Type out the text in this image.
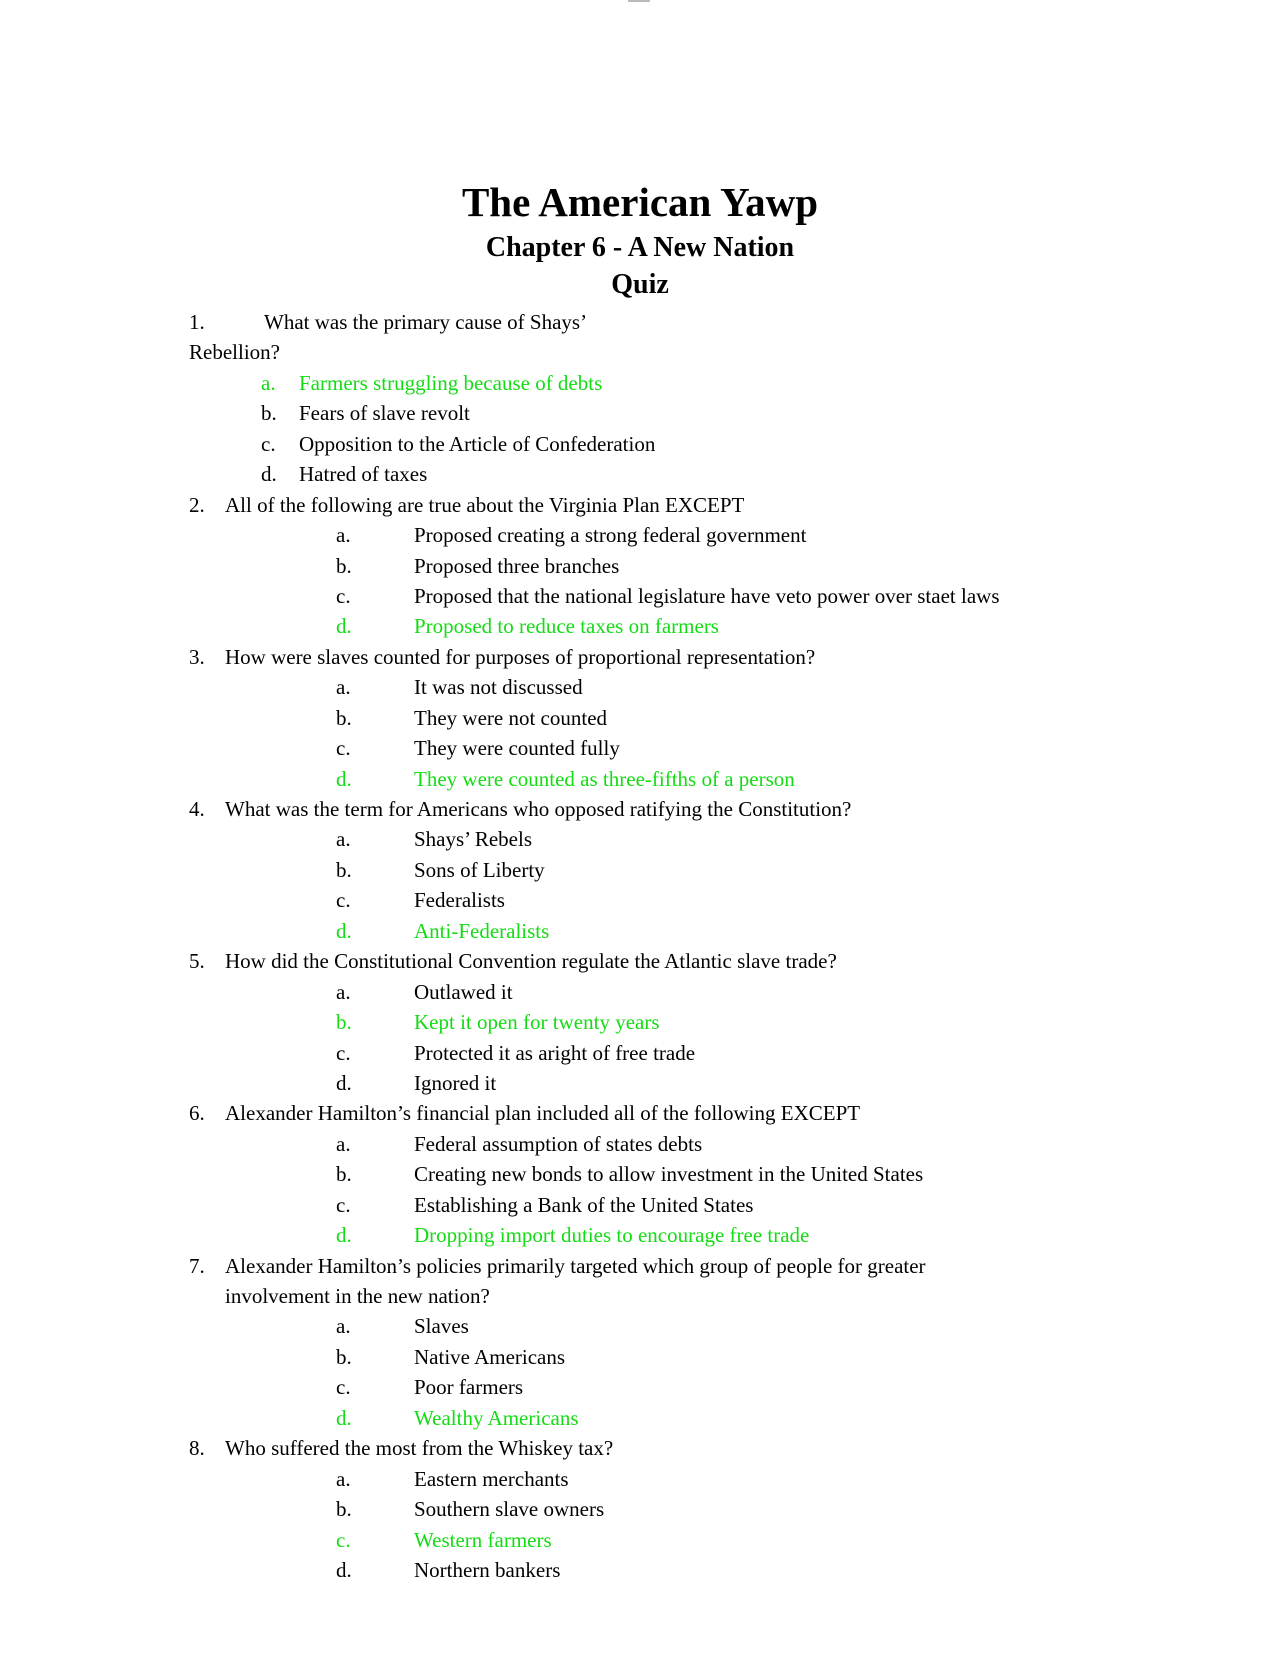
The American Yawp
Chapter 6 - A New Nation
Quiz
1.	What was the primary cause of Shays’
Rebellion?
a. Farmers struggling because of debts
b. Fears of slave revolt
c. Opposition to the Article of Confederation
d. Hatred of taxes
2. All of the following are true about the Virginia Plan EXCEPT
a.	Proposed creating a strong federal government
b.	Proposed three branches
c.	Proposed that the national legislature have veto power over staet laws
d.	Proposed to reduce taxes on farmers
3. How were slaves counted for purposes of proportional representation?
a.	It was not discussed
b.	They were not counted
c.	They were counted fully
d.	They were counted as three-fifths of a person
4. What was the term for Americans who opposed ratifying the Constitution?
a.	Shays’ Rebels
b.	Sons of Liberty
c.	Federalists
d.	Anti-Federalists
5. How did the Constitutional Convention regulate the Atlantic slave trade?
a.	Outlawed it
b.	Kept it open for twenty years
c.	Protected it as aright of free trade
d.	Ignored it
6. Alexander Hamilton’s financial plan included all of the following EXCEPT
a.	Federal assumption of states debts
b.	Creating new bonds to allow investment in the United States
c.	Establishing a Bank of the United States
d.	Dropping import duties to encourage free trade
7. Alexander Hamilton’s policies primarily targeted which group of people for greater
involvement in the new nation?
a.	Slaves
b.	Native Americans
c.	Poor farmers
d.	Wealthy Americans
8. Who suffered the most from the Whiskey tax?
a.	Eastern merchants
b.	Southern slave owners
c.	Western farmers
d.	Northern bankers
